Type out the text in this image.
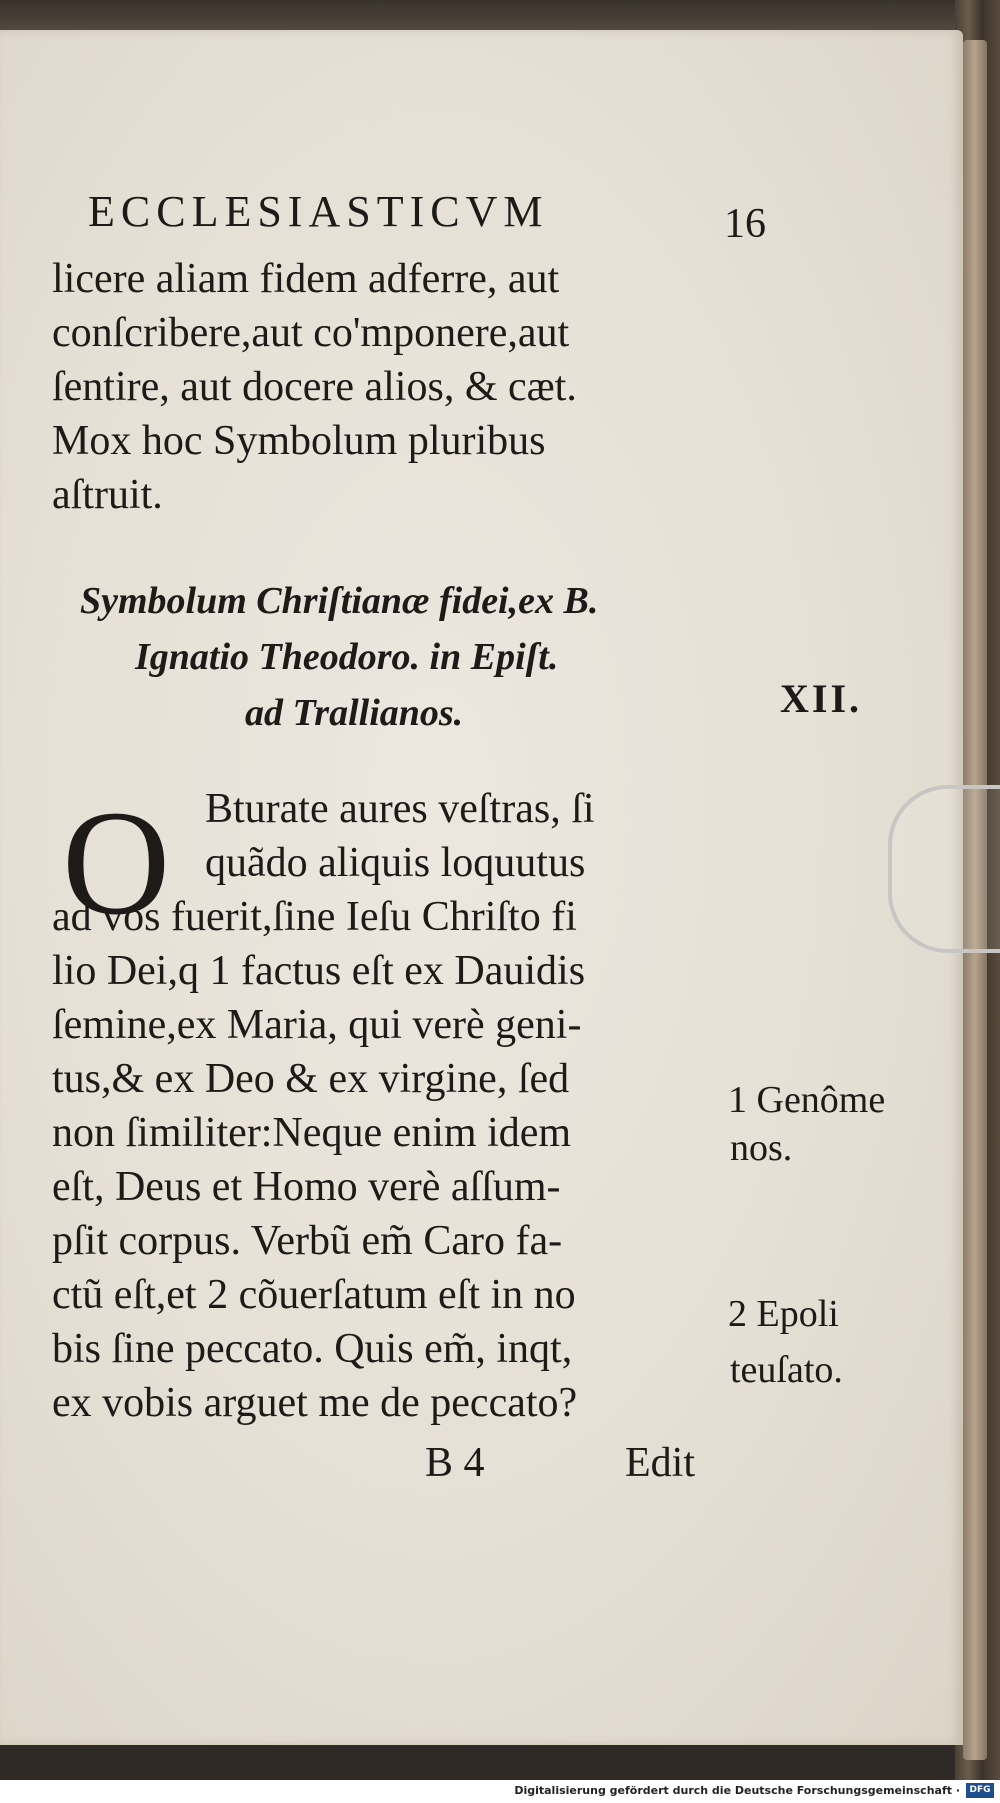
ECCLESIASTICVM	16
licere aliam fidem adferre, aut
conſcribere,aut co'mponere,aut
ſentire, aut docere alios, & cæt.
Mox hoc Symbolum pluribus
aſtruit.
Symbolum Chriſtianæ fidei,ex B.
Ignatio Theodoro. in Epiſt.
ad Trallianos.	XII.
O Bturate aures veſtras, ſi
quãdo aliquis loquutus
ad vos fuerit,ſine Ieſu Chriſto fi
lio Dei,q 1 factus eſt ex Dauidis
ſemine,ex Maria, qui verè geni-
tus,& ex Deo & ex virgine, ſed
non ſimiliter:Neque enim idem
eſt, Deus et Homo verè aſſum-
pſit corpus. Verbũ em̃ Caro fa-
ctũ eſt,et 2 cõuerſatum eſt in no
bis ſine peccato. Quis em̃, inqt,
ex vobis arguet me de peccato?
B 4	Edit
1 Genôme
nos.
2 Epoli
teuſato.
Digitalisierung gefördert durch die Deutsche Forschungsgemeinschaft ·	DFG
